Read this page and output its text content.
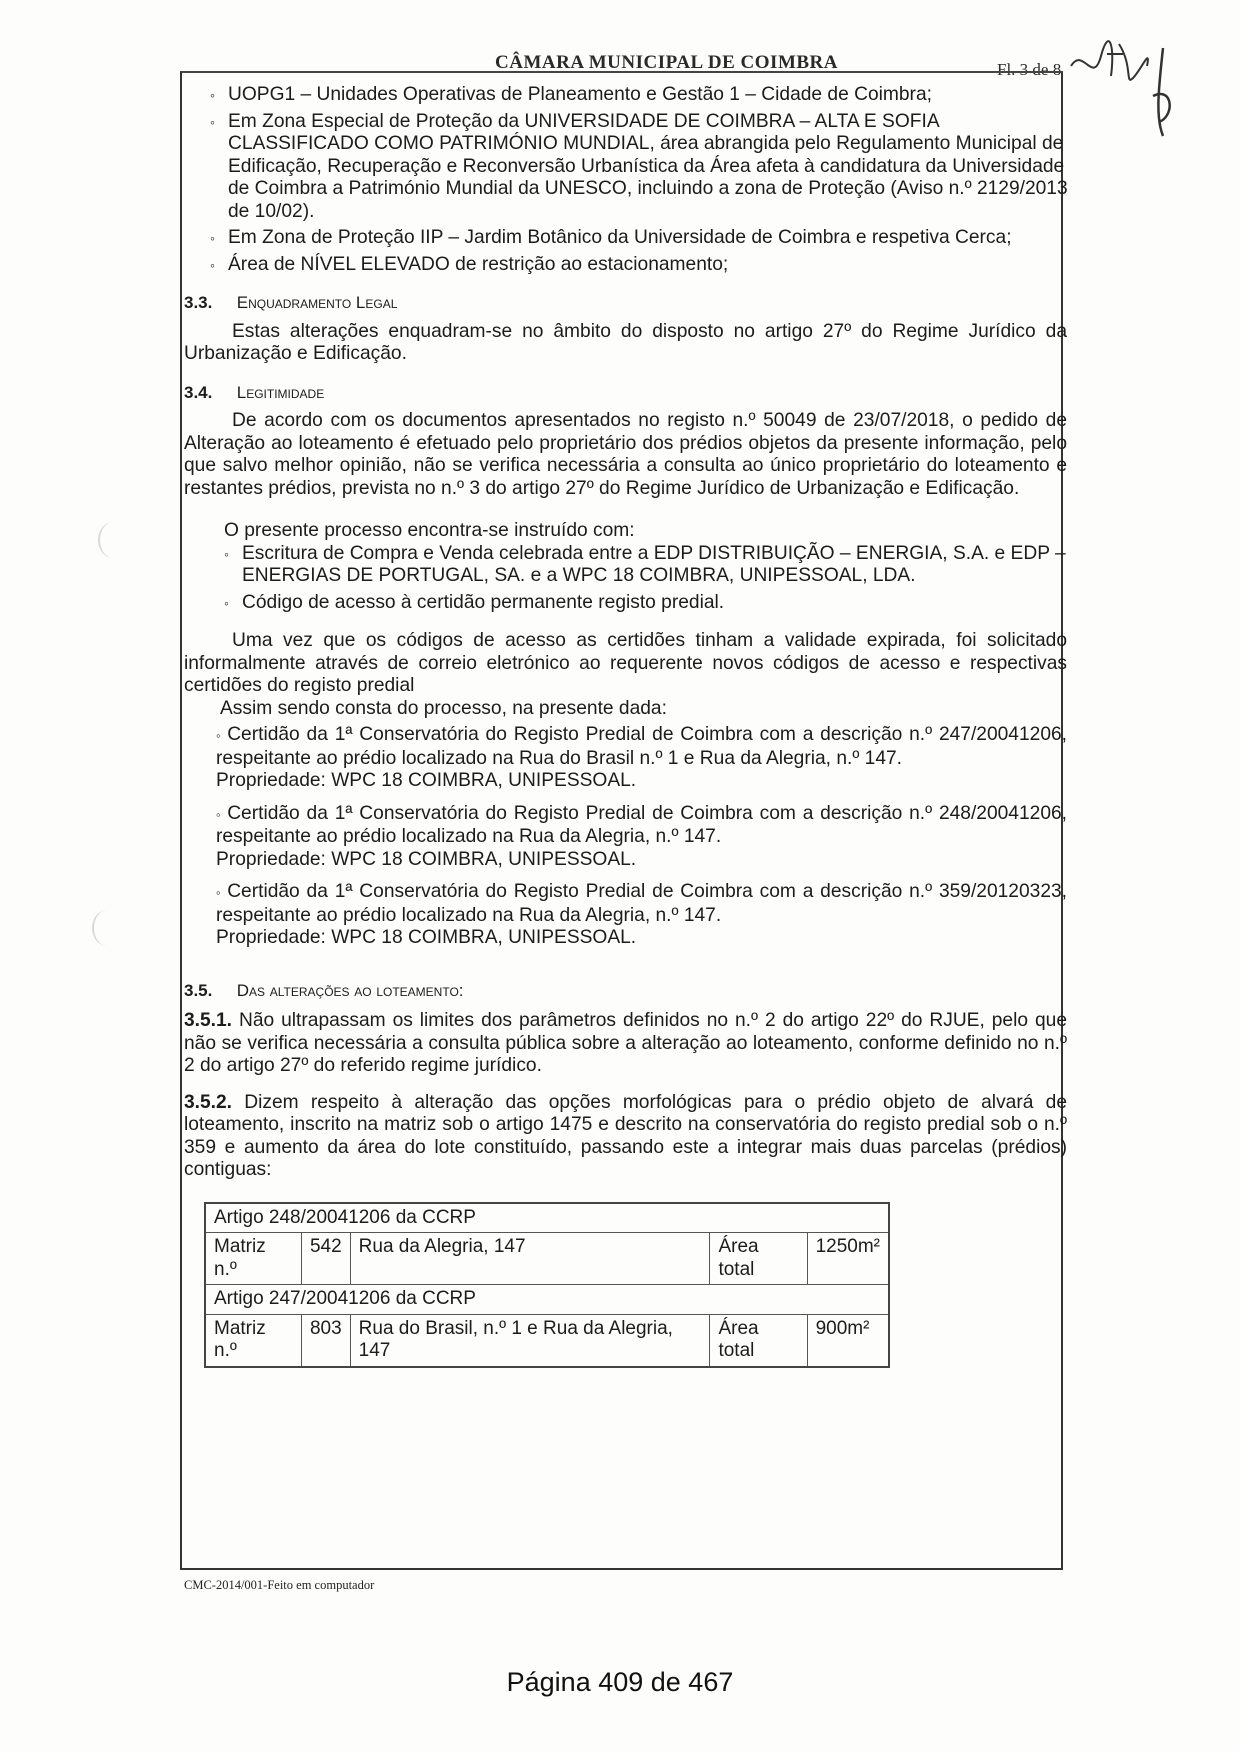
CÂMARA MUNICIPAL DE COIMBRA	Fl. 3 de 8
◦ UOPG1 – Unidades Operativas de Planeamento e Gestão 1 – Cidade de Coimbra;
◦ Em Zona Especial de Proteção da UNIVERSIDADE DE COIMBRA – ALTA E SOFIA CLASSIFICADO COMO PATRIMÓNIO MUNDIAL, área abrangida pelo Regulamento Municipal de Edificação, Recuperação e Reconversão Urbanística da Área afeta à candidatura da Universidade de Coimbra a Património Mundial da UNESCO, incluindo a zona de Proteção (Aviso n.º 2129/2013 de 10/02).
◦ Em Zona de Proteção IIP – Jardim Botânico da Universidade de Coimbra e respetiva Cerca;
◦ Área de NÍVEL ELEVADO de restrição ao estacionamento;
3.3. Enquadramento Legal
Estas alterações enquadram-se no âmbito do disposto no artigo 27º do Regime Jurídico da Urbanização e Edificação.
3.4. Legitimidade
De acordo com os documentos apresentados no registo n.º 50049 de 23/07/2018, o pedido de Alteração ao loteamento é efetuado pelo proprietário dos prédios objetos da presente informação, pelo que salvo melhor opinião, não se verifica necessária a consulta ao único proprietário do loteamento e restantes prédios, prevista no n.º 3 do artigo 27º do Regime Jurídico de Urbanização e Edificação.
O presente processo encontra-se instruído com:
◦ Escritura de Compra e Venda celebrada entre a EDP DISTRIBUIÇÃO – ENERGIA, S.A. e EDP – ENERGIAS DE PORTUGAL, SA. e a WPC 18 COIMBRA, UNIPESSOAL, LDA.
◦ Código de acesso à certidão permanente registo predial.
Uma vez que os códigos de acesso as certidões tinham a validade expirada, foi solicitado informalmente através de correio eletrónico ao requerente novos códigos de acesso e respectivas certidões do registo predial
Assim sendo consta do processo, na presente dada:
◦ Certidão da 1ª Conservatória do Registo Predial de Coimbra com a descrição n.º 247/20041206, respeitante ao prédio localizado na Rua do Brasil n.º 1 e Rua da Alegria, n.º 147.
Propriedade: WPC 18 COIMBRA, UNIPESSOAL.
◦ Certidão da 1ª Conservatória do Registo Predial de Coimbra com a descrição n.º 248/20041206, respeitante ao prédio localizado na Rua da Alegria, n.º 147.
Propriedade: WPC 18 COIMBRA, UNIPESSOAL.
◦ Certidão da 1ª Conservatória do Registo Predial de Coimbra com a descrição n.º 359/20120323, respeitante ao prédio localizado na Rua da Alegria, n.º 147.
Propriedade: WPC 18 COIMBRA, UNIPESSOAL.
3.5. Das alterações ao loteamento:
3.5.1. Não ultrapassam os limites dos parâmetros definidos no n.º 2 do artigo 22º do RJUE, pelo que não se verifica necessária a consulta pública sobre a alteração ao loteamento, conforme definido no n.º 2 do artigo 27º do referido regime jurídico.
3.5.2. Dizem respeito à alteração das opções morfológicas para o prédio objeto de alvará de loteamento, inscrito na matriz sob o artigo 1475 e descrito na conservatória do registo predial sob o n.º 359 e aumento da área do lote constituído, passando este a integrar mais duas parcelas (prédios) contiguas:
Artigo 248/20041206 da CCRP				
Matriz n.º	542	Rua da Alegria, 147	Área total	1250m²
Artigo 247/20041206 da CCRP				
Matriz n.º	803	Rua do Brasil, n.º 1 e Rua da Alegria, 147	Área total	900m²
CMC-2014/001-Feito em computador
Página 409 de 467
